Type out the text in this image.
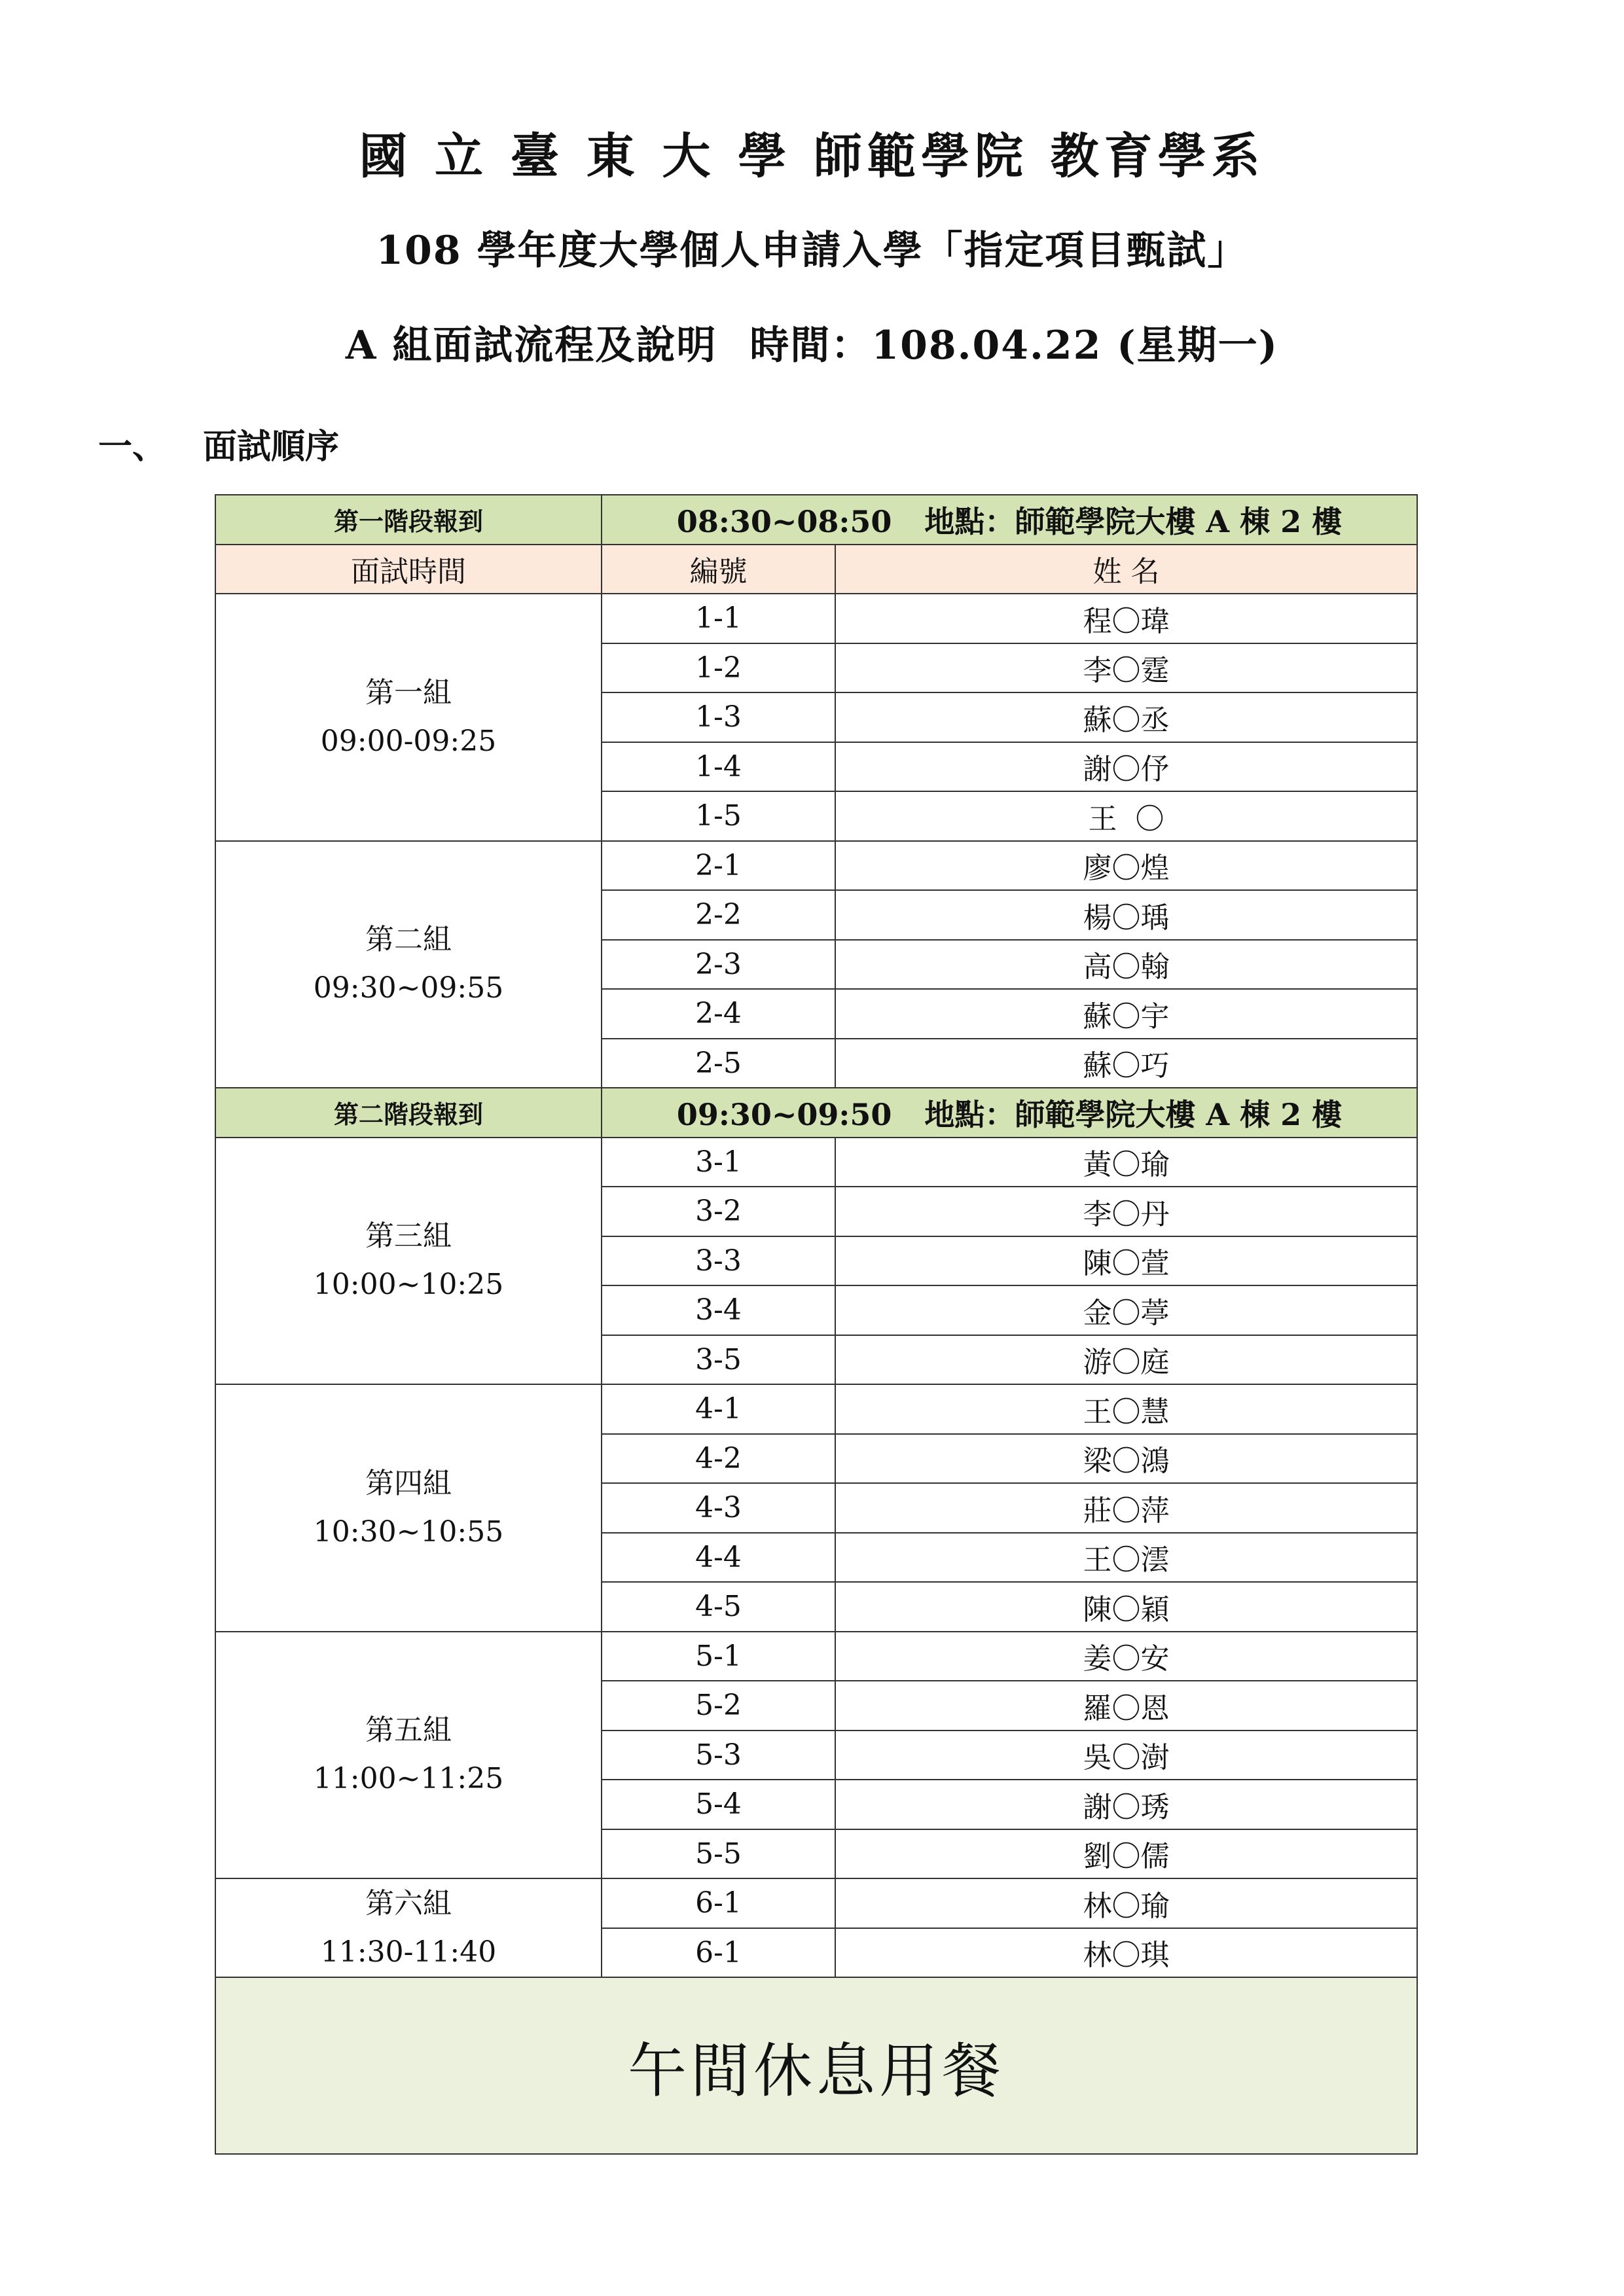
國 立 臺 東 大 學 師範學院 教育學系
108 學年度大學個人申請入學「指定項目甄試」
A 組面試流程及說明 時間：108.04.22 (星期一)
一、 面試順序
第一階段報到	08:30~08:50 地點：師範學院大樓 A 棟 2 樓	
面試時間	編號	姓 名

第一組
09:00-09:25	1-1	程〇瑋
	1-2	李〇霆
	1-3	蘇〇丞
	1-4	謝〇伃
	1-5	王  〇

第二組
09:30~09:55	2-1	廖〇煌
	2-2	楊〇瑀
	2-3	高〇翰
	2-4	蘇〇宇
	2-5	蘇〇巧
第二階段報到	09:30~09:50 地點：師範學院大樓 A 棟 2 樓	

第三組
10:00~10:25	3-1	黃〇瑜
	3-2	李〇丹
	3-3	陳〇萱
	3-4	金〇葶
	3-5	游〇庭

第四組
10:30~10:55	4-1	王〇慧
	4-2	梁〇鴻
	4-3	莊〇萍
	4-4	王〇澐
	4-5	陳〇穎

第五組
11:00~11:25	5-1	姜〇安
	5-2	羅〇恩
	5-3	吳〇澍
	5-4	謝〇琇
	5-5	劉〇儒

第六組
11:30-11:40	6-1	林〇瑜
	6-1	林〇琪
午間休息用餐		
